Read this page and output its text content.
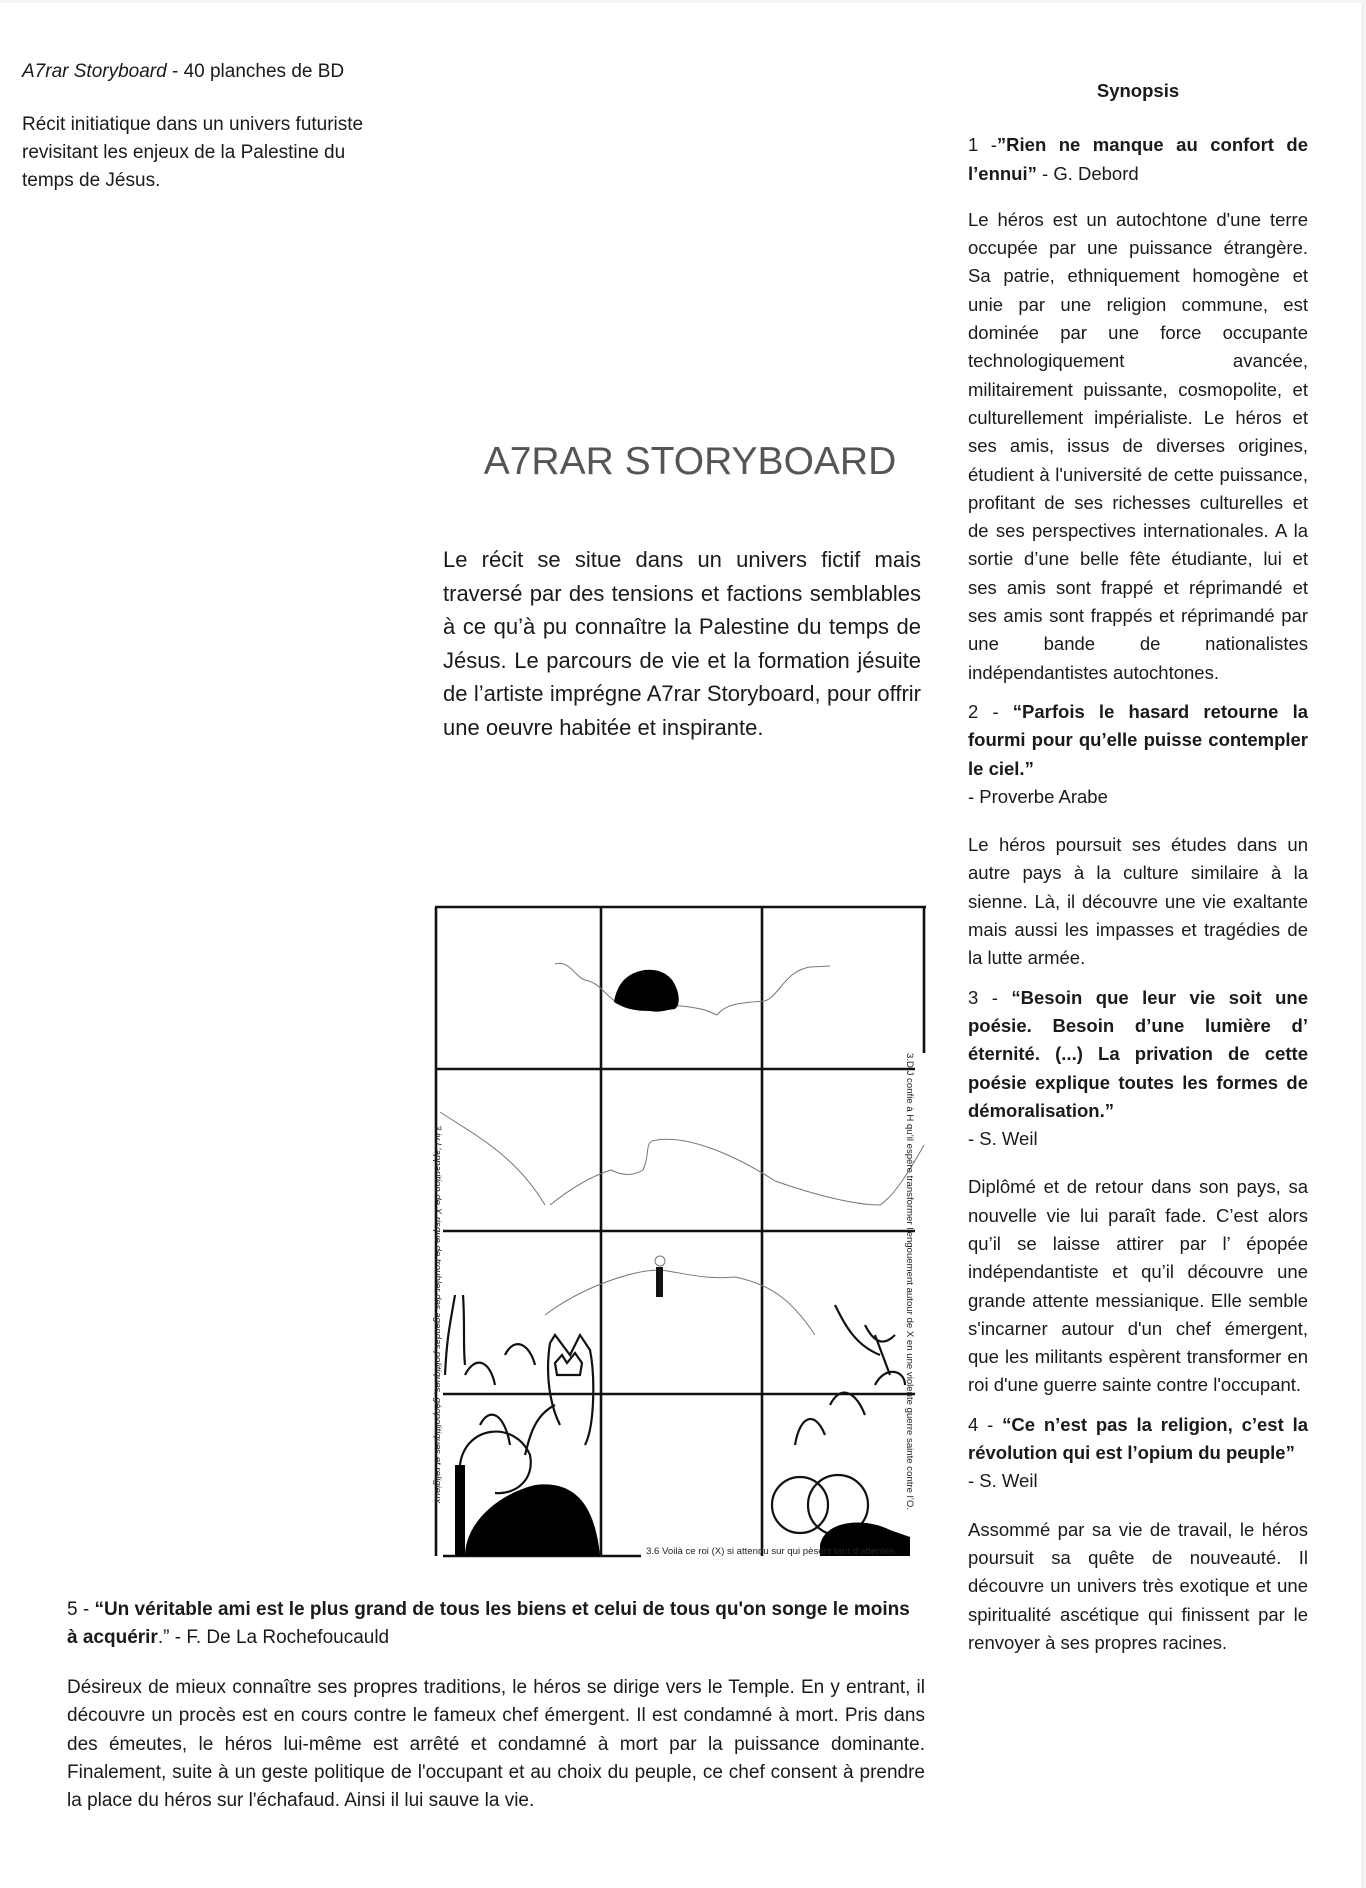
A7rar Storyboard - 40 planches de BD
Récit initiatique dans un univers futuriste revisitant les enjeux de la Palestine du temps de Jésus.
A7RAR STORYBOARD
Le récit se situe dans un univers fictif mais traversé par des tensions et factions semblables à ce qu’à pu connaître la Palestine du temps de Jésus. Le parcours de vie et la formation jésuite de l’artiste imprégne A7rar Storyboard, pour offrir une oeuvre habitée et inspirante.
3.D J confie à H qu’il espère transformer l’engouement autour de X en une violente guerre sainte contre l’O.
3.iv L’apparition de X risque de troubler des agendas politiques, géopolitiques et religieux
3.6 Voilà ce roi (X) si attendu sur qui pèsent tant d’attentes.

5 - “Un véritable ami est le plus grand de tous les biens et celui de tous qu'on songe le moins à acquérir.” - F. De La Rochefoucauld

Désireux de mieux connaître ses propres traditions, le héros se dirige vers le Temple. En y entrant, il découvre un procès est en cours contre le fameux chef émergent. Il est condamné à mort. Pris dans des émeutes, le héros lui-même est arrêté et condamné à mort par la puissance dominante. Finalement, suite à un geste politique de l'occupant et au choix du peuple, ce chef consent à prendre la place du héros sur l'échafaud. Ainsi il lui sauve la vie.

Synopsis

1 -”Rien ne manque au confort de l’ennui” - G. Debord

Le héros est un autochtone d'une terre occupée par une puissance étrangère. Sa patrie, ethniquement homogène et unie par une religion commune, est dominée par une force occupante technologiquement avancée, militairement puissante, cosmopolite, et culturellement impérialiste. Le héros et ses amis, issus de diverses origines, étudient à l'université de cette puissance, profitant de ses richesses culturelles et de ses perspectives internationales. A la sortie d’une belle fête étudiante, lui et ses amis sont frappé et réprimandé et ses amis sont frappés et réprimandé par une bande de nationalistes indépendantistes autochtones.

2 - “Parfois le hasard retourne la fourmi pour qu’elle puisse contempler le ciel.”
- Proverbe Arabe

Le héros poursuit ses études dans un autre pays à la culture similaire à la sienne. Là, il découvre une vie exaltante mais aussi les impasses et tragédies de la lutte armée.

3 - “Besoin que leur vie soit une poésie. Besoin d’une lumière d’ éternité. (...) La privation de cette poésie explique toutes les formes de démoralisation.”
- S. Weil

Diplômé et de retour dans son pays, sa nouvelle vie lui paraît fade. C’est alors qu’il se laisse attirer par l’ épopée indépendantiste et qu’il découvre une grande attente messianique. Elle semble s'incarner autour d'un chef émergent, que les militants espèrent transformer en roi d'une guerre sainte contre l'occupant.

4 - “Ce n’est pas la religion, c’est la révolution qui est l’opium du peuple”
- S. Weil

Assommé par sa vie de travail, le héros poursuit sa quête de nouveauté. Il découvre un univers très exotique et une spiritualité ascétique qui finissent par le renvoyer à ses propres racines.
